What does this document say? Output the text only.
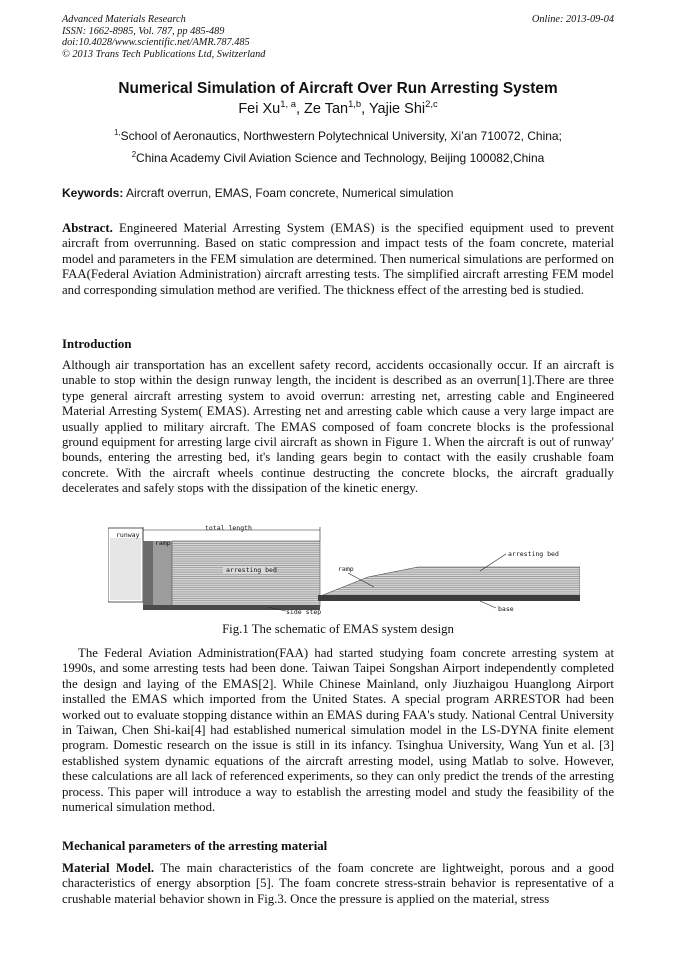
Advanced Materials Research
ISSN: 1662-8985, Vol. 787, pp 485-489
doi:10.4028/www.scientific.net/AMR.787.485
© 2013 Trans Tech Publications Ltd, Switzerland
Online: 2013-09-04
Numerical Simulation of Aircraft Over Run Arresting System
Fei Xu$^{1, a}$, Ze Tan$^{1,b}$, Yajie Shi$^{2,c}$
$^{1,}$School of Aeronautics, Northwestern Polytechnical University, Xi’an 710072, China;
$^2$China Academy Civil Aviation Science and Technology, Beijing 100082,China
Keywords: Aircraft overrun, EMAS, Foam concrete, Numerical simulation

Abstract. Engineered Material Arresting System (EMAS) is the specified equipment used to prevent aircraft from overrunning. Based on static compression and impact tests of the foam concrete, material model and parameters in the FEM simulation are determined. Then numerical simulations are performed on FAA(Federal Aviation Administration) aircraft arresting tests. The simplified aircraft arresting FEM model and corresponding simulation method are verified. The thickness effect of the arresting bed is studied.

Introduction

Although air transportation has an excellent safety record, accidents occasionally occur. If an aircraft is unable to stop within the design runway length, the incident is described as an overrun[1].There are three type general aircraft arresting system to avoid overrun: arresting net, arresting cable and Engineered Material Arresting System( EMAS). Arresting net and arresting cable which cause a very large impact are usually applied to military aircraft. The EMAS composed of foam concrete blocks is the professional ground equipment for arresting large civil aircraft as shown in Figure 1. When the aircraft is out of runway' bounds, entering the arresting bed, it's landing gears begin to contact with the easily crushable foam concrete. With the aircraft wheels continue destructing the concrete blocks, the aircraft gradually decelerates and safely stops with the dissipation of the kinetic energy.

runway
total length
ramp
arresting bed
side step
ramp
arresting bed
base
Fig.1 The schematic of EMAS system design

The Federal Aviation Administration(FAA) had started studying foam concrete arresting system at 1990s, and some arresting tests had been done. Taiwan Taipei Songshan Airport independently completed the design and laying of the EMAS[2]. While Chinese Mainland, only Jiuzhaigou Huanglong Airport installed the EMAS which imported from the United States. A special program ARRESTOR had been worked out to evaluate stopping distance within an EMAS during FAA's study. National Central University in Taiwan, Chen Shi-kai[4] had established numerical simulation model in the LS-DYNA finite element program. Domestic research on the issue is still in its infancy. Tsinghua University, Wang Yun et al. [3] established system dynamic equations of the aircraft arresting model, using Matlab to solve. However, these calculations are all lack of referenced experiments, so they can only predict the trends of the arresting process. This paper will introduce a way to establish the arresting model and study the feasibility of the numerical simulation method.

Mechanical parameters of the arresting material

Material Model. The main characteristics of the foam concrete are lightweight, porous and a good characteristics of energy absorption [5]. The foam concrete stress-strain behavior is representative of a crushable material behavior shown in Fig.3. Once the pressure is applied on the material, stress
